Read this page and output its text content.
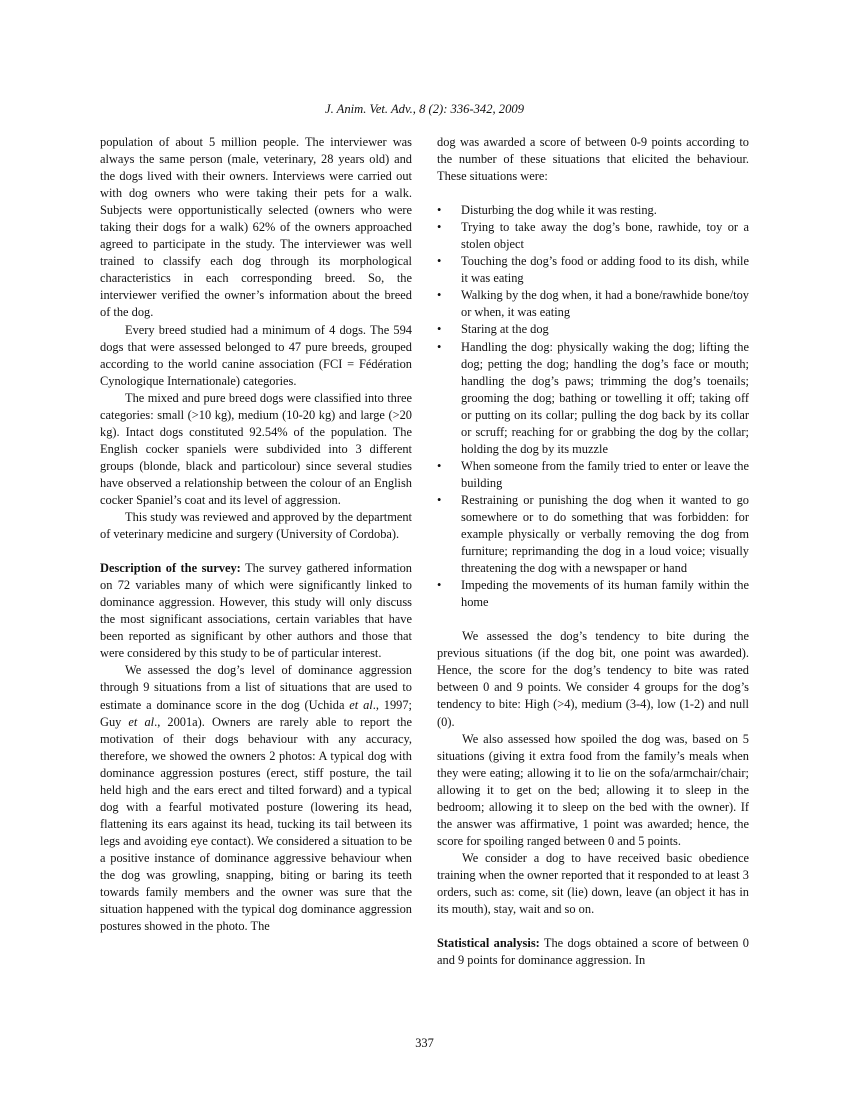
J. Anim. Vet. Adv., 8 (2): 336-342, 2009

population of about 5 million people. The interviewer was always the same person (male, veterinary, 28 years old) and the dogs lived with their owners. Interviews were carried out with dog owners who were taking their pets for a walk. Subjects were opportunistically selected (owners who were taking their dogs for a walk) 62% of the owners approached agreed to participate in the study. The interviewer was well trained to classify each dog through its morphological characteristics in each corresponding breed. So, the interviewer verified the owner’s information about the breed of the dog.

Every breed studied had a minimum of 4 dogs. The 594 dogs that were assessed belonged to 47 pure breeds, grouped according to the world canine association (FCI = Fédération Cynologique Internationale) categories.

The mixed and pure breed dogs were classified into three categories: small (>10 kg), medium (10-20 kg) and large (>20 kg). Intact dogs constituted 92.54% of the population. The English cocker spaniels were subdivided into 3 different groups (blonde, black and particolour) since several studies have observed a relationship between the colour of an English cocker Spaniel’s coat and its level of aggression.

This study was reviewed and approved by the department of veterinary medicine and surgery (University of Cordoba).

Description of the survey: The survey gathered information on 72 variables many of which were significantly linked to dominance aggression. However, this study will only discuss the most significant associations, certain variables that have been reported as significant by other authors and those that were considered by this study to be of particular interest.

We assessed the dog’s level of dominance aggression through 9 situations from a list of situations that are used to estimate a dominance score in the dog (Uchida et al., 1997; Guy et al., 2001a). Owners are rarely able to report the motivation of their dogs behaviour with any accuracy, therefore, we showed the owners 2 photos: A typical dog with dominance aggression postures (erect, stiff posture, the tail held high and the ears erect and tilted forward) and a typical dog with a fearful motivated posture (lowering its head, flattening its ears against its head, tucking its tail between its legs and avoiding eye contact). We considered a situation to be a positive instance of dominance aggressive behaviour when the dog was growling, snapping, biting or baring its teeth towards family members and the owner was sure that the situation happened with the typical dog dominance aggression postures showed in the photo. The

dog was awarded a score of between 0-9 points according to the number of these situations that elicited the behaviour. These situations were:

•	Disturbing the dog while it was resting.
•	Trying to take away the dog’s bone, rawhide, toy or a stolen object
•	Touching the dog’s food or adding food to its dish, while it was eating
•	Walking by the dog when, it had a bone/rawhide bone/toy or when, it was eating
•	Staring at the dog
•	Handling the dog: physically waking the dog; lifting the dog; petting the dog; handling the dog’s face or mouth; handling the dog’s paws; trimming the dog’s toenails; grooming the dog; bathing or towelling it off; taking off or putting on its collar; pulling the dog back by its collar or scruff; reaching for or grabbing the dog by the collar; holding the dog by its muzzle
•	When someone from the family tried to enter or leave the building
•	Restraining or punishing the dog when it wanted to go somewhere or to do something that was forbidden: for example physically or verbally removing the dog from furniture; reprimanding the dog in a loud voice; visually threatening the dog with a newspaper or hand
•	Impeding the movements of its human family within the home

We assessed the dog’s tendency to bite during the previous situations (if the dog bit, one point was awarded). Hence, the score for the dog’s tendency to bite was rated between 0 and 9 points. We consider 4 groups for the dog’s tendency to bite: High (>4), medium (3-4), low (1-2) and null (0).

We also assessed how spoiled the dog was, based on 5 situations (giving it extra food from the family’s meals when they were eating; allowing it to lie on the sofa/armchair/chair; allowing it to get on the bed; allowing it to sleep in the bedroom; allowing it to sleep on the bed with the owner). If the answer was affirmative, 1 point was awarded; hence, the score for spoiling ranged between 0 and 5 points.

We consider a dog to have received basic obedience training when the owner reported that it responded to at least 3 orders, such as: come, sit (lie) down, leave (an object it has in its mouth), stay, wait and so on.

Statistical analysis: The dogs obtained a score of between 0 and 9 points for dominance aggression. In

337
